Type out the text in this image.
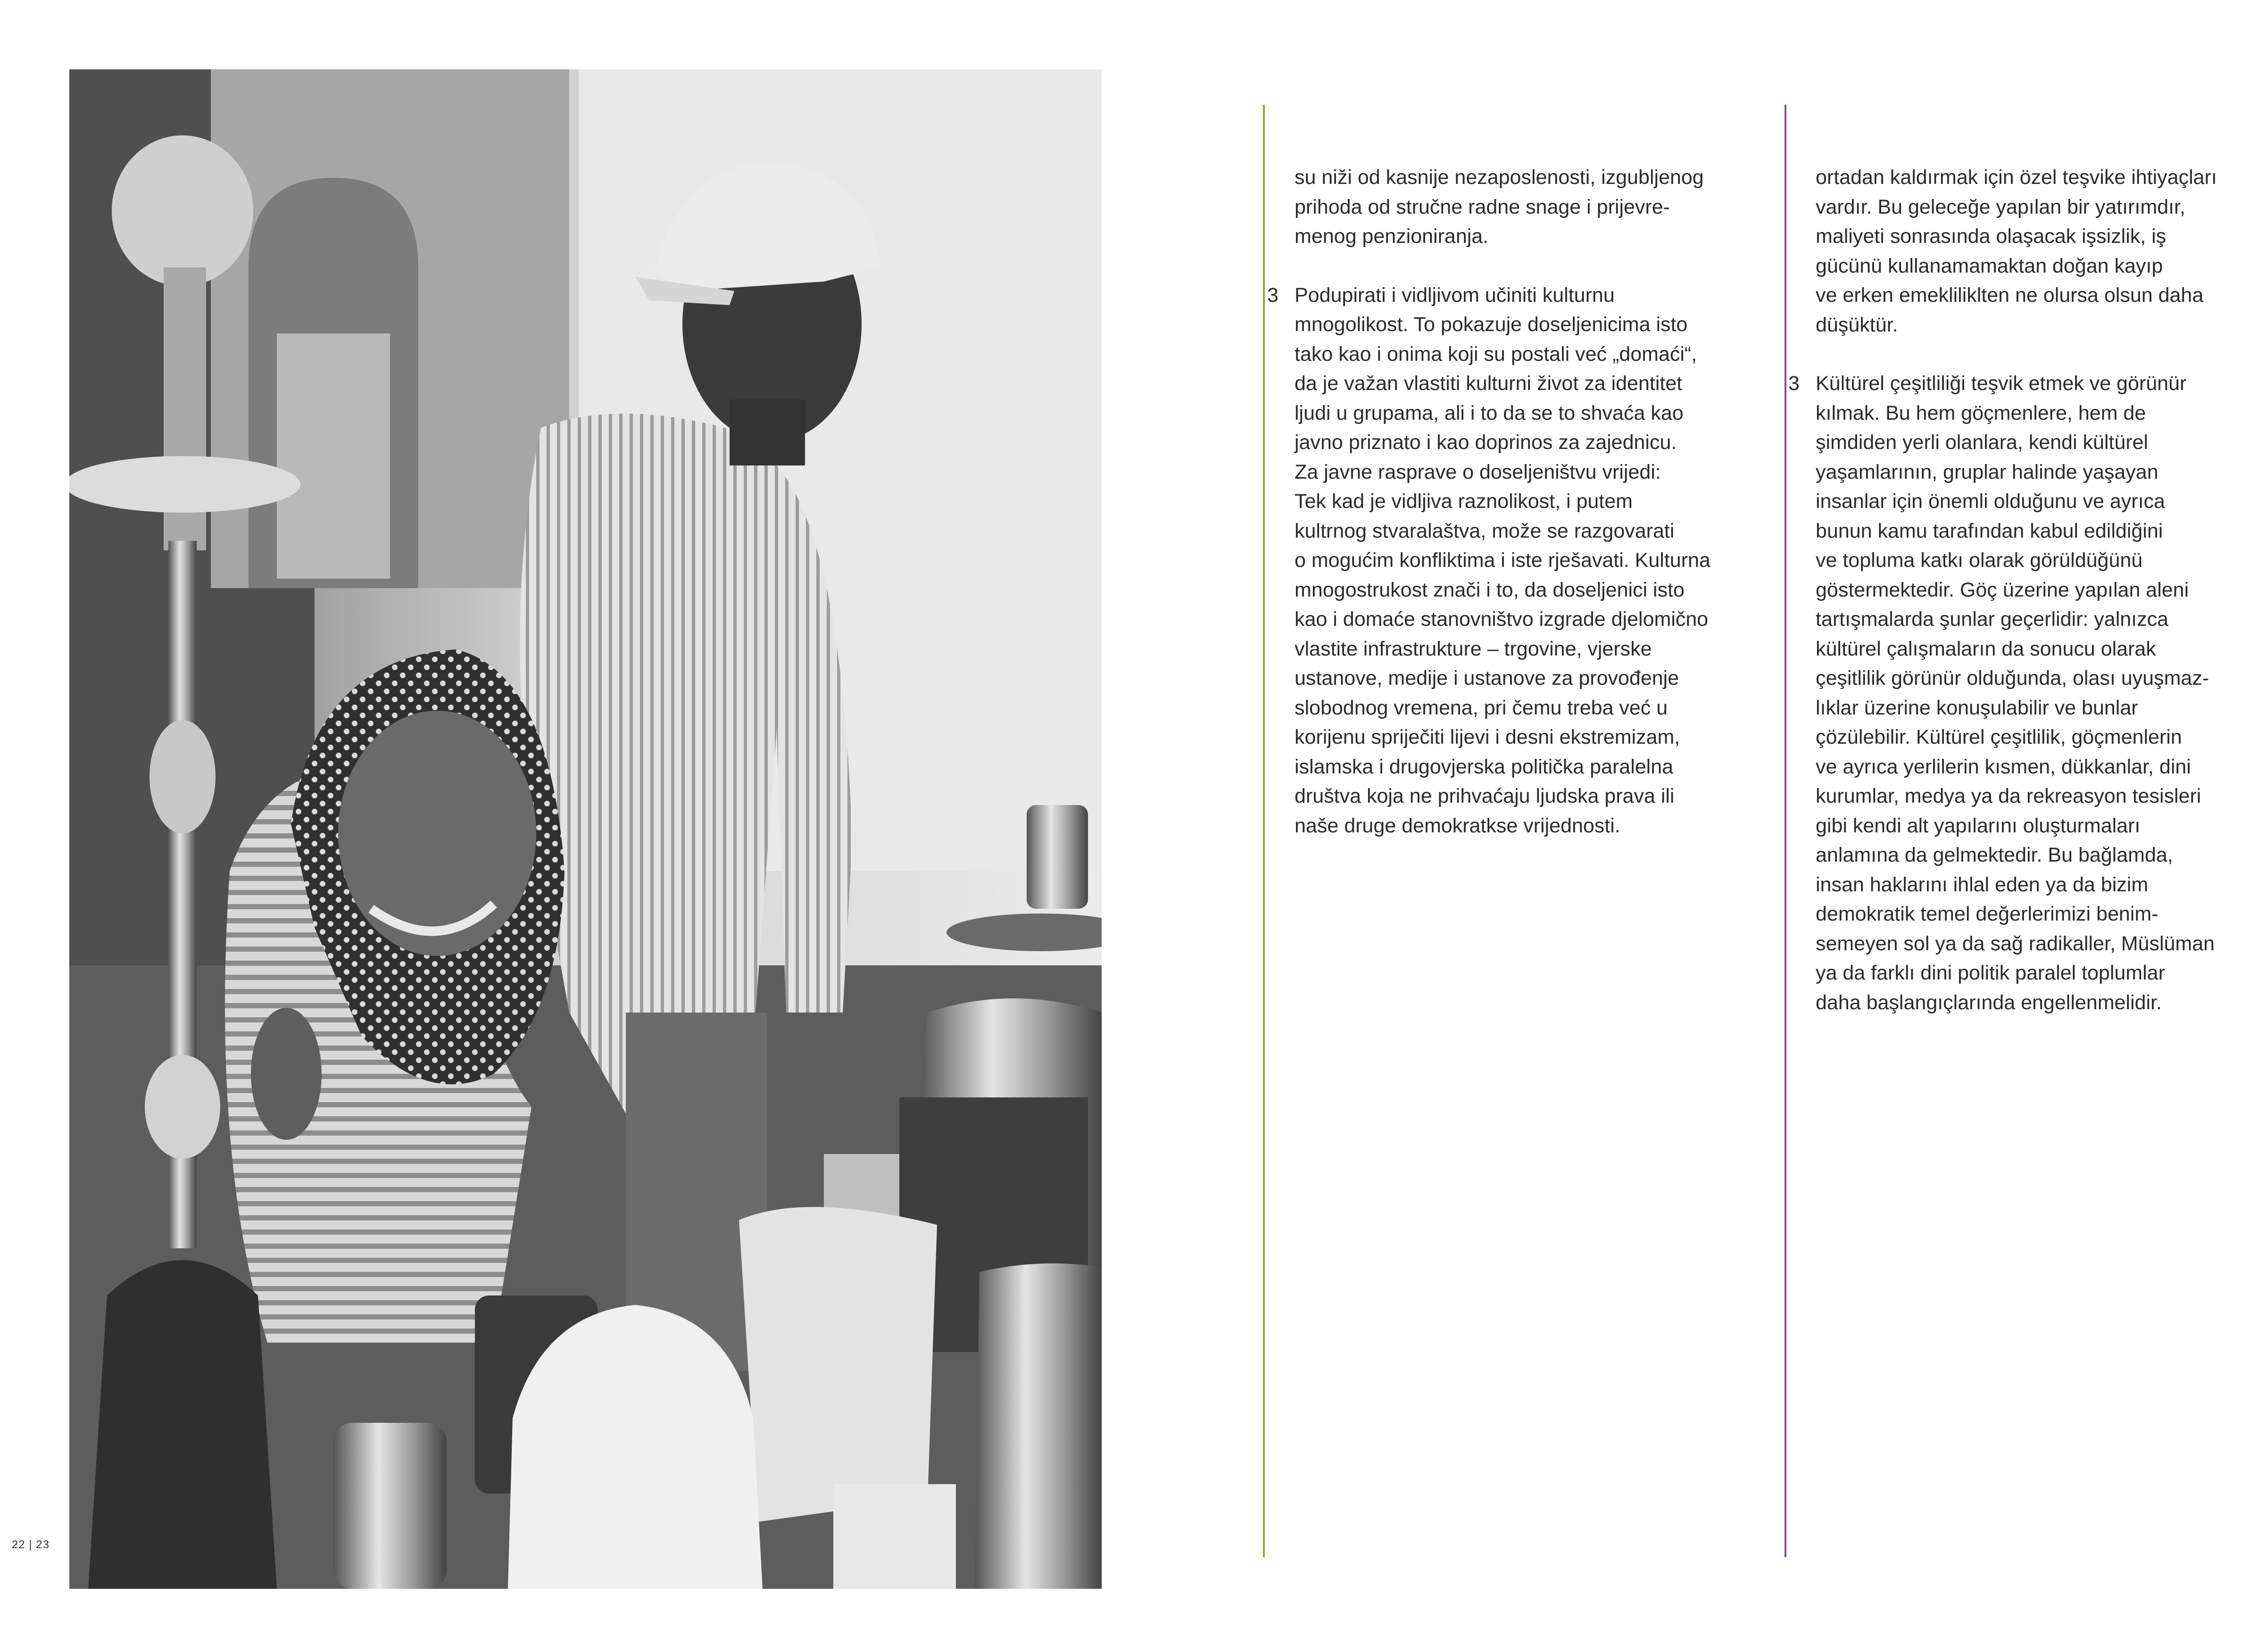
22 | 23
su niži od kasnije nezaposlenosti, izgubljenog
prihoda od stručne radne snage i prijevre-
menog penzioniranja.
3 Podupirati i vidljivom učiniti kulturnu
mnogolikost. To pokazuje doseljenicima isto
tako kao i onima koji su postali već „domaći“,
da je važan vlastiti kulturni život za identitet
ljudi u grupama, ali i to da se to shvaća kao
javno priznato i kao doprinos za zajednicu.
Za javne rasprave o doseljeništvu vrijedi:
Tek kad je vidljiva raznolikost, i putem
kultrnog stvaralaštva, može se razgovarati
o mogućim konfliktima i iste rješavati. Kulturna
mnogostrukost znači i to, da doseljenici isto
kao i domaće stanovništvo izgrade djelomično
vlastite infrastrukture – trgovine, vjerske
ustanove, medije i ustanove za provođenje
slobodnog vremena, pri čemu treba već u
korijenu spriječiti lijevi i desni ekstremizam,
islamska i drugovjerska politička paralelna
društva koja ne prihvaćaju ljudska prava ili
naše druge demokratkse vrijednosti.
ortadan kaldırmak için özel teşvike ihtiyaçları
vardır. Bu geleceğe yapılan bir yatırımdır,
maliyeti sonrasında olaşacak işsizlik, iş
gücünü kullanamamaktan doğan kayıp
ve erken emekliliklten ne olursa olsun daha
düşüktür.
3 Kültürel çeşitliliği teşvik etmek ve görünür
kılmak. Bu hem göçmenlere, hem de
şimdiden yerli olanlara, kendi kültürel
yaşamlarının, gruplar halinde yaşayan
insanlar için önemli olduğunu ve ayrıca
bunun kamu tarafından kabul edildiğini
ve topluma katkı olarak görüldüğünü
göstermektedir. Göç üzerine yapılan aleni
tartışmalarda şunlar geçerlidir: yalnızca
kültürel çalışmaların da sonucu olarak
çeşitlilik görünür olduğunda, olası uyuşmaz-
lıklar üzerine konuşulabilir ve bunlar
çözülebilir. Kültürel çeşitlilik, göçmenlerin
ve ayrıca yerlilerin kısmen, dükkanlar, dini
kurumlar, medya ya da rekreasyon tesisleri
gibi kendi alt yapılarını oluşturmaları
anlamına da gelmektedir. Bu bağlamda,
insan haklarını ihlal eden ya da bizim
demokratik temel değerlerimizi benim-
semeyen sol ya da sağ radikaller, Müslüman
ya da farklı dini politik paralel toplumlar
daha başlangıçlarında engellenmelidir.
